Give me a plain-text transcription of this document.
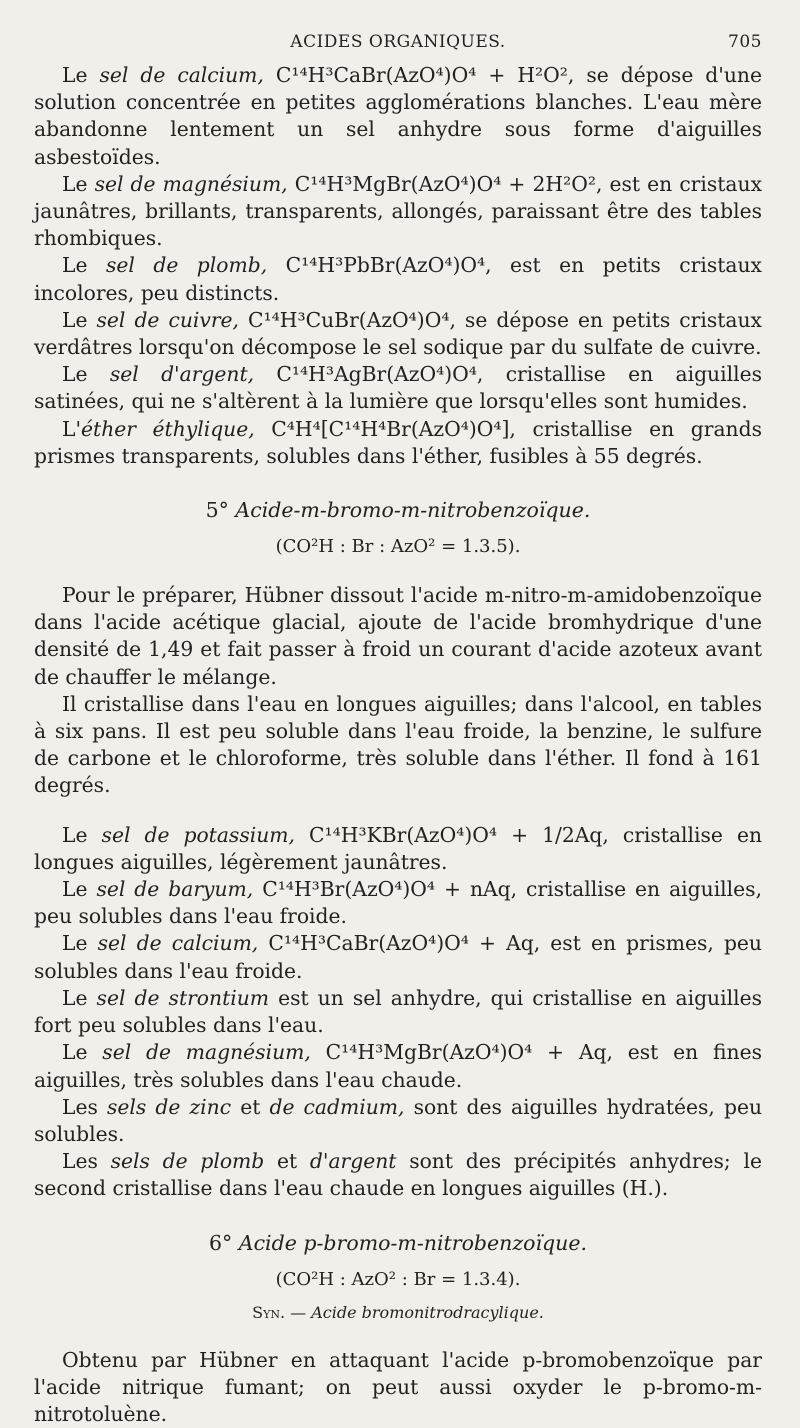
ACIDES ORGANIQUES.	705

Le sel de calcium, C¹⁴H³CaBr(AzO⁴)O⁴ + H²O², se dépose d'une solution concentrée en petites agglomérations blanches. L'eau mère abandonne lentement un sel anhydre sous forme d'aiguilles asbestoïdes.

Le sel de magnésium, C¹⁴H³MgBr(AzO⁴)O⁴ + 2H²O², est en cristaux jaunâtres, brillants, transparents, allongés, paraissant être des tables rhombiques.

Le sel de plomb, C¹⁴H³PbBr(AzO⁴)O⁴, est en petits cristaux incolores, peu distincts.

Le sel de cuivre, C¹⁴H³CuBr(AzO⁴)O⁴, se dépose en petits cristaux verdâtres lorsqu'on décompose le sel sodique par du sulfate de cuivre.

Le sel d'argent, C¹⁴H³AgBr(AzO⁴)O⁴, cristallise en aiguilles satinées, qui ne s'altèrent à la lumière que lorsqu'elles sont humides.

L'éther éthylique, C⁴H⁴[C¹⁴H⁴Br(AzO⁴)O⁴], cristallise en grands prismes transparents, solubles dans l'éther, fusibles à 55 degrés.

5° Acide-m-bromo-m-nitrobenzoïque.
(CO²H : Br : AzO² = 1.3.5).

Pour le préparer, Hübner dissout l'acide m-nitro-m-amidobenzoïque dans l'acide acétique glacial, ajoute de l'acide bromhydrique d'une densité de 1,49 et fait passer à froid un courant d'acide azoteux avant de chauffer le mélange.

Il cristallise dans l'eau en longues aiguilles; dans l'alcool, en tables à six pans. Il est peu soluble dans l'eau froide, la benzine, le sulfure de carbone et le chloroforme, très soluble dans l'éther. Il fond à 161 degrés.

Le sel de potassium, C¹⁴H³KBr(AzO⁴)O⁴ + 1/2Aq, cristallise en longues aiguilles, légèrement jaunâtres.

Le sel de baryum, C¹⁴H³Br(AzO⁴)O⁴ + nAq, cristallise en aiguilles, peu solubles dans l'eau froide.

Le sel de calcium, C¹⁴H³CaBr(AzO⁴)O⁴ + Aq, est en prismes, peu solubles dans l'eau froide.

Le sel de strontium est un sel anhydre, qui cristallise en aiguilles fort peu solubles dans l'eau.

Le sel de magnésium, C¹⁴H³MgBr(AzO⁴)O⁴ + Aq, est en fines aiguilles, très solubles dans l'eau chaude.

Les sels de zinc et de cadmium, sont des aiguilles hydratées, peu solubles.

Les sels de plomb et d'argent sont des précipités anhydres; le second cristallise dans l'eau chaude en longues aiguilles (H.).

6° Acide p-bromo-m-nitrobenzoïque.
(CO²H : AzO² : Br = 1.3.4).
Syn. — Acide bromonitrodracylique.

Obtenu par Hübner en attaquant l'acide p-bromobenzoïque par l'acide nitrique fumant; on peut aussi oxyder le p-bromo-m-nitrotoluène.
